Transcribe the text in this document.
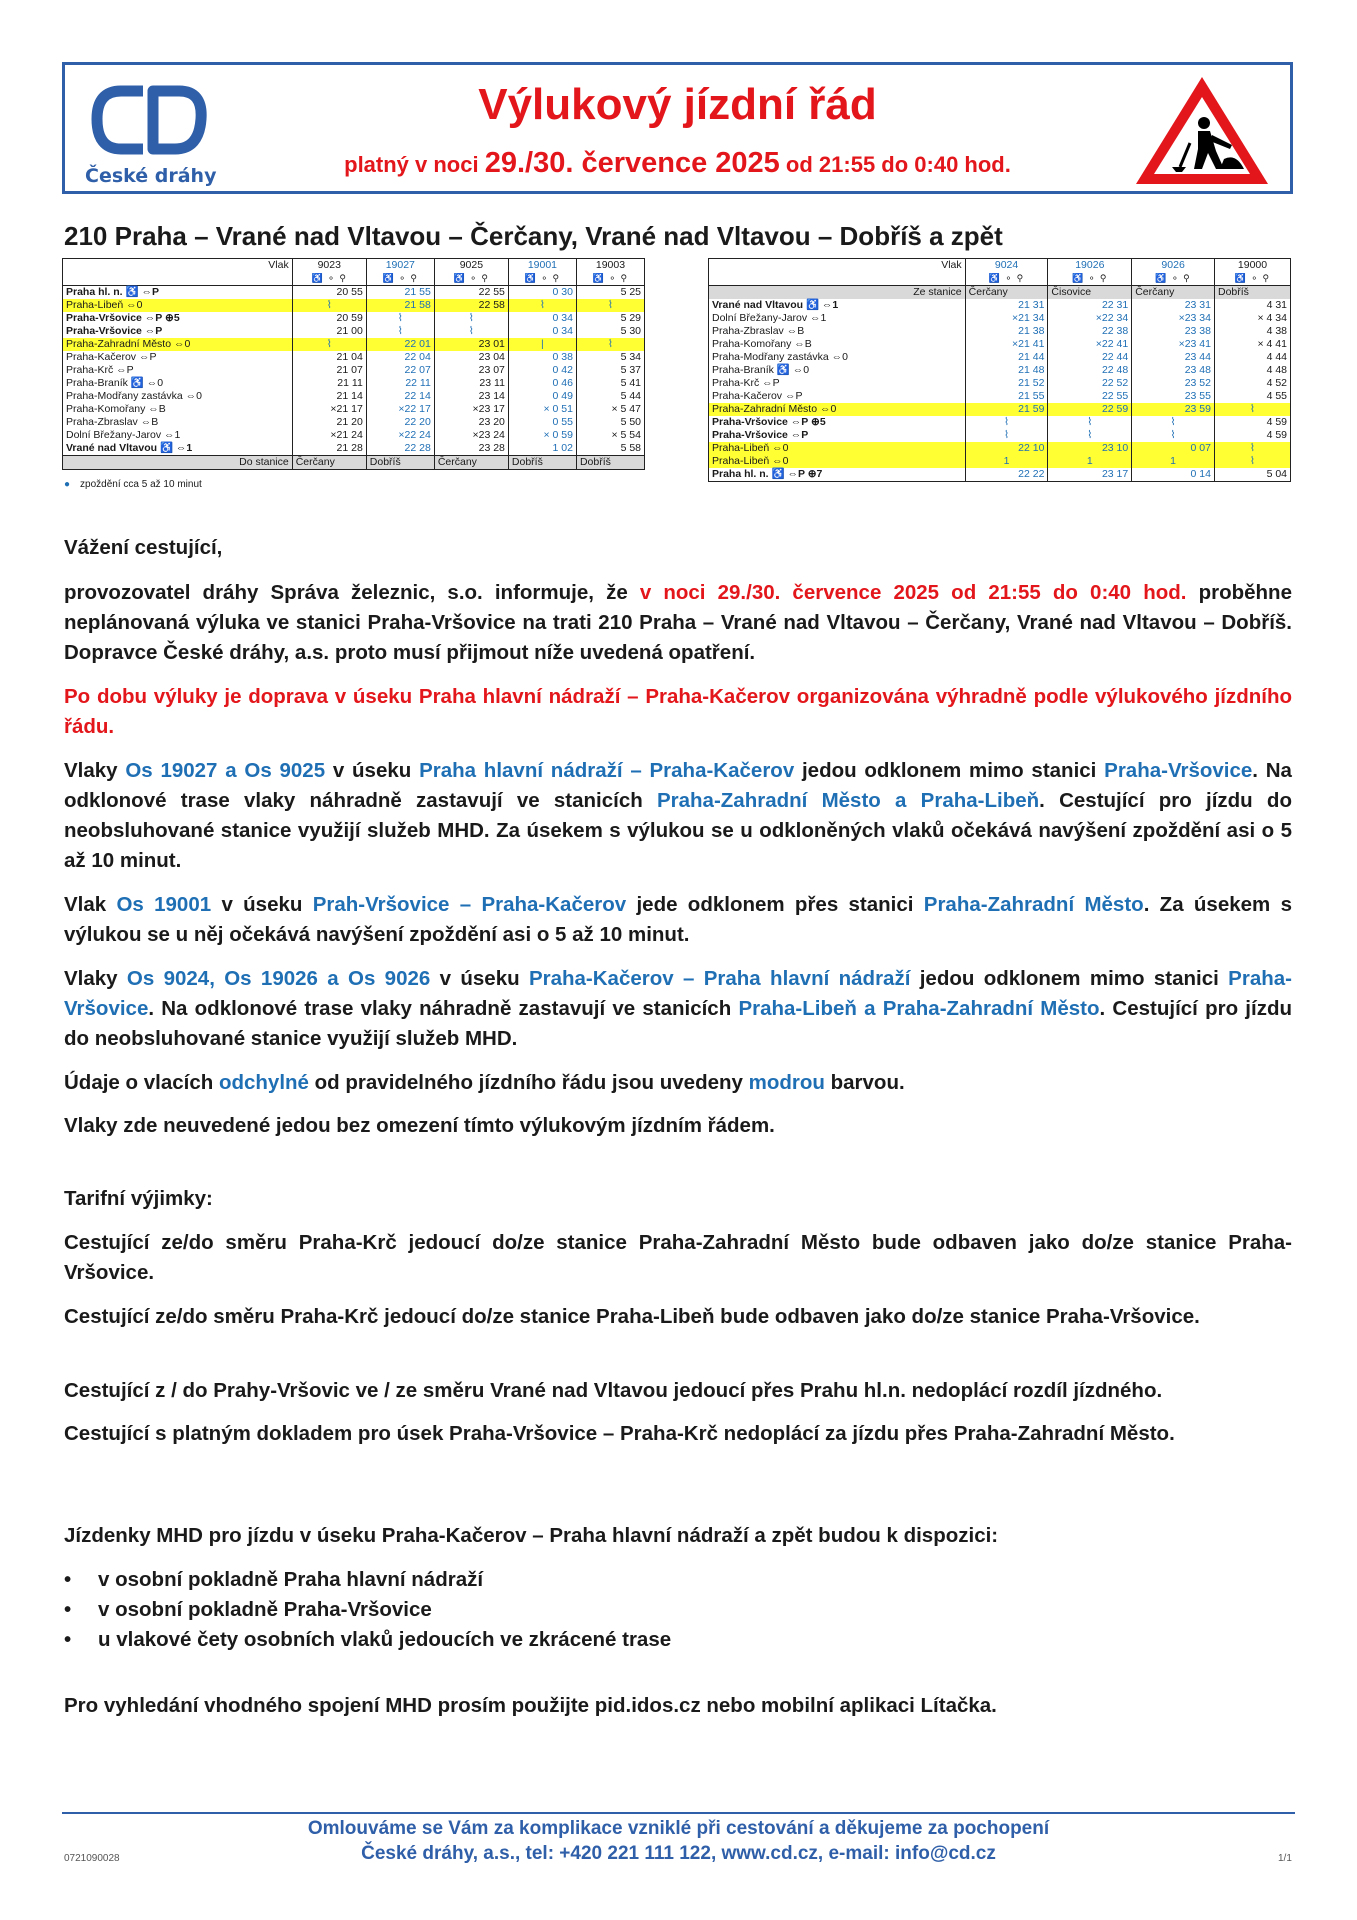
České dráhy
Výlukový jízdní řád
platný v noci 29./30. července 2025 od 21:55 do 0:40 hod.
210 Praha – Vrané nad Vltavou – Čerčany, Vrané nad Vltavou – Dobříš a zpět
Vlak	9023	19027	9025	19001	19003
	♿ ⚬ ⚲	♿ ⚬ ⚲	♿ ⚬ ⚲	♿ ⚬ ⚲	♿ ⚬ ⚲
Praha hl. n. ♿ ⇔P	20 55	21 55	22 55	0 30	5 25
Praha-Libeň ⇔0	⌇	21 58	22 58	⌇	⌇
Praha-Vršovice ⇔P ⊕5	20 59	⌇	⌇	0 34	5 29
Praha-Vršovice ⇔P	21 00	⌇	⌇	0 34	5 30
Praha-Zahradní Město ⇔0	⌇	22 01	23 01	|	⌇
Praha-Kačerov ⇔P	21 04	22 04	23 04	0 38	5 34
Praha-Krč ⇔P	21 07	22 07	23 07	0 42	5 37
Praha-Braník ♿ ⇔0	21 11	22 11	23 11	0 46	5 41
Praha-Modřany zastávka ⇔0	21 14	22 14	23 14	0 49	5 44
Praha-Komořany ⇔B	×21 17	×22 17	×23 17	× 0 51	× 5 47
Praha-Zbraslav ⇔B	21 20	22 20	23 20	0 55	5 50
Dolní Břežany-Jarov ⇔1	×21 24	×22 24	×23 24	× 0 59	× 5 54
Vrané nad Vltavou ♿ ⇔1	21 28	22 28	23 28	1 02	5 58
Do stanice	Čerčany	Dobříš	Čerčany	Dobříš	Dobříš
Vlak	9024	19026	9026	19000
	♿ ⚬ ⚲	♿ ⚬ ⚲	♿ ⚬ ⚲	♿ ⚬ ⚲
Ze stanice	Čerčany	Čisovice	Čerčany	Dobříš
Vrané nad Vltavou ♿ ⇔1	21 31	22 31	23 31	4 31
Dolní Břežany-Jarov ⇔1	×21 34	×22 34	×23 34	× 4 34
Praha-Zbraslav ⇔B	21 38	22 38	23 38	4 38
Praha-Komořany ⇔B	×21 41	×22 41	×23 41	× 4 41
Praha-Modřany zastávka ⇔0	21 44	22 44	23 44	4 44
Praha-Braník ♿ ⇔0	21 48	22 48	23 48	4 48
Praha-Krč ⇔P	21 52	22 52	23 52	4 52
Praha-Kačerov ⇔P	21 55	22 55	23 55	4 55
Praha-Zahradní Město ⇔0	21 59	22 59	23 59	⌇
Praha-Vršovice ⇔P ⊕5	⌇	⌇	⌇	4 59
Praha-Vršovice ⇔P	⌇	⌇	⌇	4 59
Praha-Libeň ⇔0	22 10	23 10	0 07	⌇
Praha-Libeň ⇔0	1	1	1	⌇
Praha hl. n. ♿ ⇔P ⊕7	22 22	23 17	0 14	5 04
● zpoždění cca 5 až 10 minut
Vážení cestující,
provozovatel dráhy Správa železnic, s.o. informuje, že v noci 29./30. července 2025 od 21:55 do 0:40 hod. proběhne neplánovaná výluka ve stanici Praha-Vršovice na trati 210 Praha – Vrané nad Vltavou – Čerčany, Vrané nad Vltavou – Dobříš. Dopravce České dráhy, a.s. proto musí přijmout níže uvedená opatření.
Po dobu výluky je doprava v úseku Praha hlavní nádraží – Praha-Kačerov organizována výhradně podle výlukového jízdního řádu.
Vlaky Os 19027 a Os 9025 v úseku Praha hlavní nádraží – Praha-Kačerov jedou odklonem mimo stanici Praha-Vršovice. Na odklonové trase vlaky náhradně zastavují ve stanicích Praha-Zahradní Město a Praha-Libeň. Cestující pro jízdu do neobsluhované stanice využijí služeb MHD. Za úsekem s výlukou se u odkloněných vlaků očekává navýšení zpoždění asi o 5 až 10 minut.
Vlak Os 19001 v úseku Prah-Vršovice – Praha-Kačerov jede odklonem přes stanici Praha-Zahradní Město. Za úsekem s výlukou se u něj očekává navýšení zpoždění asi o 5 až 10 minut.
Vlaky Os 9024, Os 19026 a Os 9026 v úseku Praha-Kačerov – Praha hlavní nádraží jedou odklonem mimo stanici Praha-Vršovice. Na odklonové trase vlaky náhradně zastavují ve stanicích Praha-Libeň a Praha-Zahradní Město. Cestující pro jízdu do neobsluhované stanice využijí služeb MHD.
Údaje o vlacích odchylné od pravidelného jízdního řádu jsou uvedeny modrou barvou.
Vlaky zde neuvedené jedou bez omezení tímto výlukovým jízdním řádem.
Tarifní výjimky:
Cestující ze/do směru Praha-Krč jedoucí do/ze stanice Praha-Zahradní Město bude odbaven jako do/ze stanice Praha-Vršovice.
Cestující ze/do směru Praha-Krč jedoucí do/ze stanice Praha-Libeň bude odbaven jako do/ze stanice Praha-Vršovice.
Cestující z / do Prahy-Vršovic ve / ze směru Vrané nad Vltavou jedoucí přes Prahu hl.n. nedoplácí rozdíl jízdného.
Cestující s platným dokladem pro úsek Praha-Vršovice – Praha-Krč nedoplácí za jízdu přes Praha-Zahradní Město.
Jízdenky MHD pro jízdu v úseku Praha-Kačerov – Praha hlavní nádraží a zpět budou k dispozici:
• v osobní pokladně Praha hlavní nádraží
• v osobní pokladně Praha-Vršovice
• u vlakové čety osobních vlaků jedoucích ve zkrácené trase
Pro vyhledání vhodného spojení MHD prosím použijte pid.idos.cz nebo mobilní aplikaci Lítačka.
Omlouváme se Vám za komplikace vzniklé při cestování a děkujeme za pochopení
České dráhy, a.s., tel: +420 221 111 122, www.cd.cz, e-mail: info@cd.cz
0721090028	1/1
